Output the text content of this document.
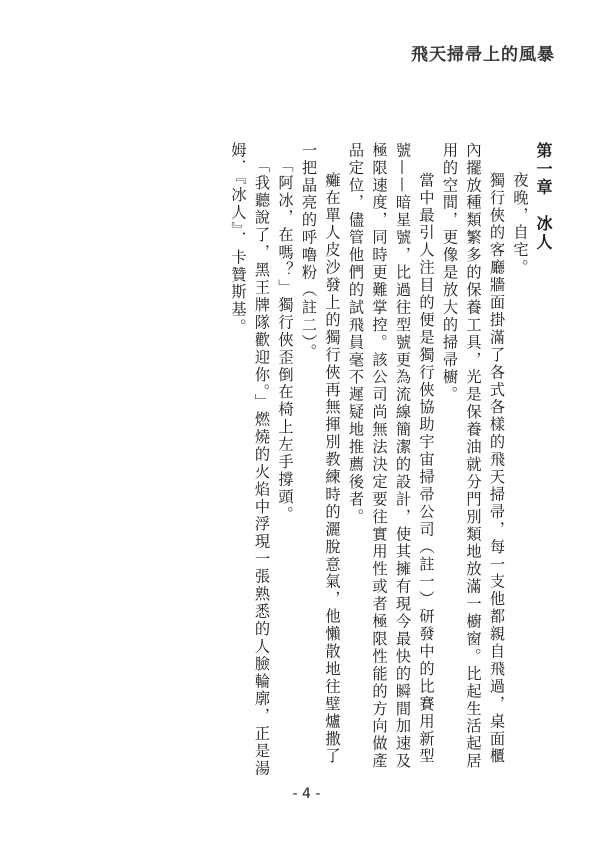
飛天掃帚上的風暴

第一章　冰人

夜晚，自宅。

獨行俠的客廳牆面掛滿了各式各樣的飛天掃帚，每一支他都親自飛過，桌面櫃內擺放種類繁多的保養工具，光是保養油就分門別類地放滿一櫥窗。比起生活起居用的空間，更像是放大的掃帚櫥。

當中最引人注目的便是獨行俠協助宇宙掃帚公司（註一）研發中的比賽用新型號——暗星號，比過往型號更為流線簡潔的設計，使其擁有現今最快的瞬間加速及極限速度，同時更難掌控。該公司尚無法決定要往實用性或者極限性能的方向做產品定位，儘管他們的試飛員毫不遲疑地推薦後者。

癱在單人皮沙發上的獨行俠再無揮別教練時的灑脫意氣，他懶散地往壁爐撒了一把晶亮的呼嚕粉（註二）。

「阿冰，在嗎？」獨行俠歪倒在椅上左手撐頭。

「我聽說了，黑王牌隊歡迎你。」燃燒的火焰中浮現一張熟悉的人臉輪廓，正是湯姆．『冰人』．卡贊斯基。

- 4 -
